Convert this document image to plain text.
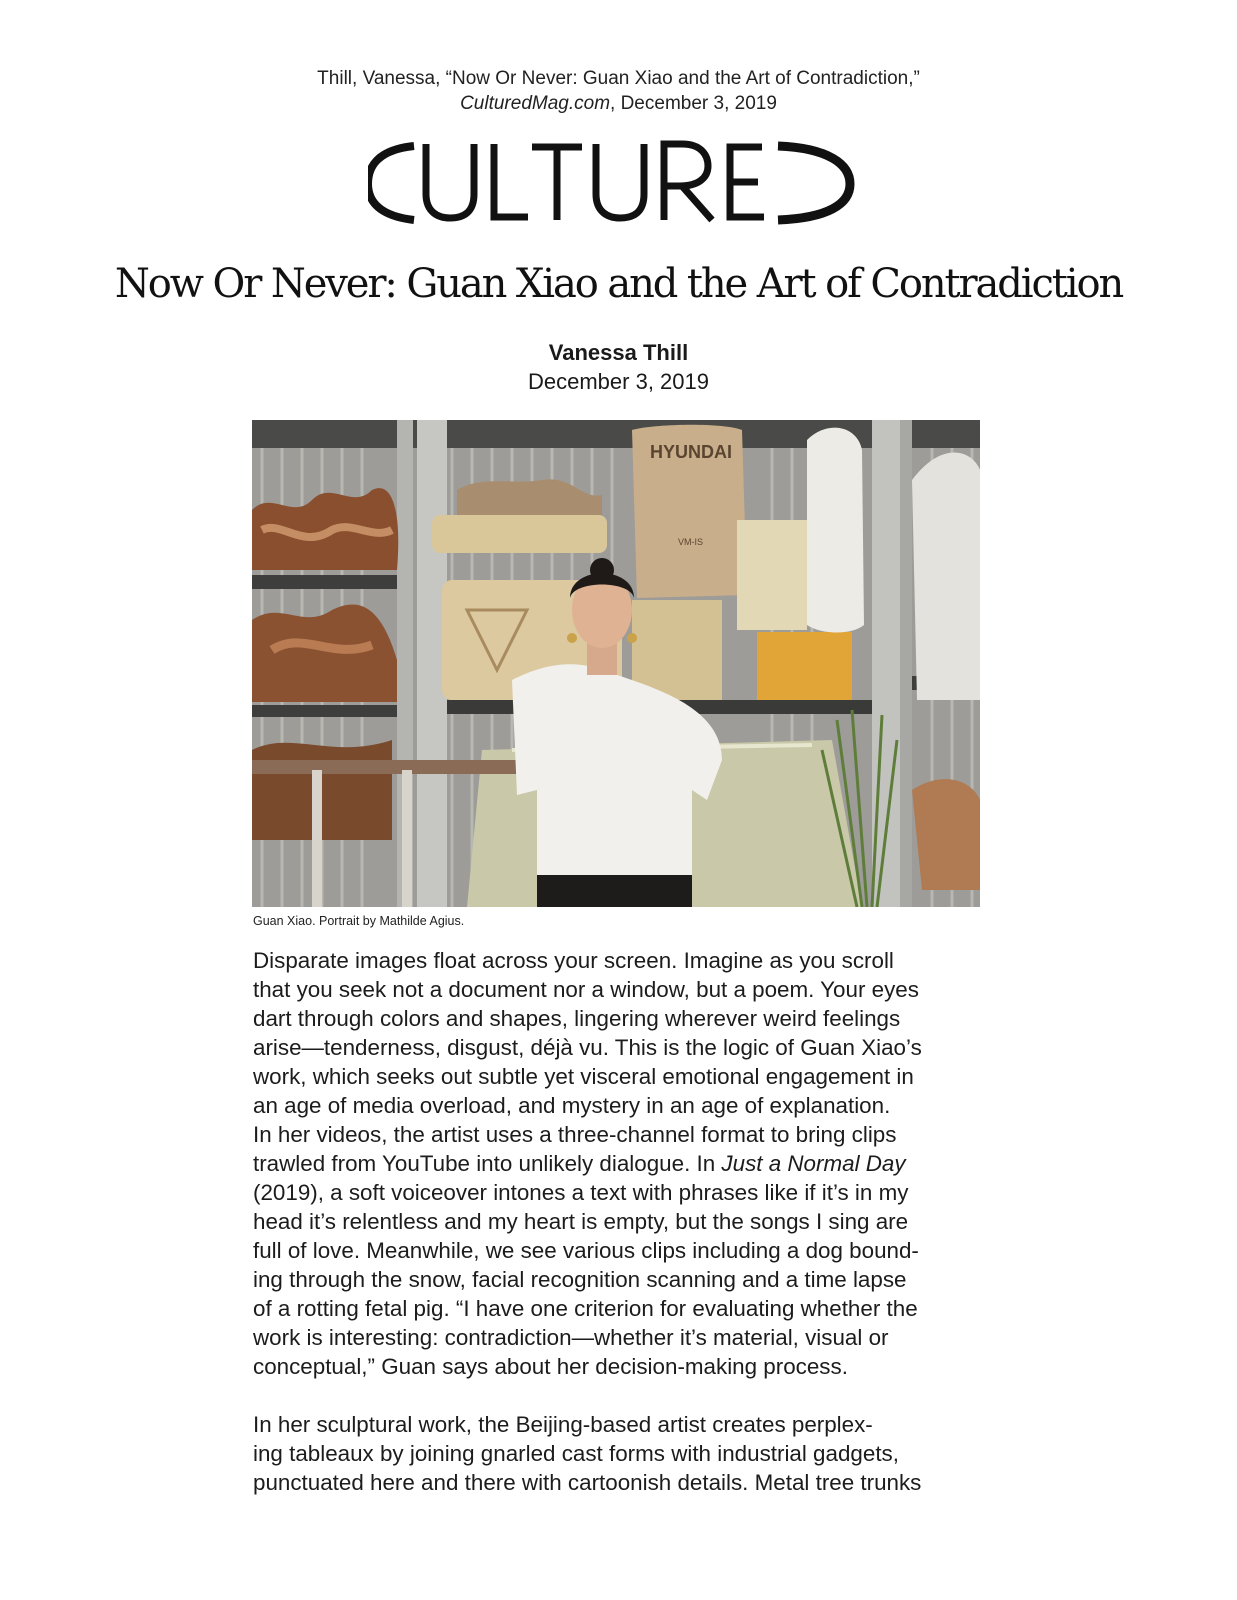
Thill, Vanessa, “Now Or Never: Guan Xiao and the Art of Contradiction,”
CulturedMag.com, December 3, 2019
Now Or Never: Guan Xiao and the Art of Contradiction
Vanessa Thill
December 3, 2019
HYUNDAI
VM-IS
Guan Xiao. Portrait by Mathilde Agius.

Disparate images float across your screen. Imagine as you scroll

that you seek not a document nor a window, but a poem. Your eyes

dart through colors and shapes, lingering wherever weird feelings

arise—tenderness, disgust, déjà vu. This is the logic of Guan Xiao’s

work, which seeks out subtle yet visceral emotional engagement in

an age of media overload, and mystery in an age of explanation.

In her videos, the artist uses a three-channel format to bring clips

trawled from YouTube into unlikely dialogue. In Just a Normal Day

(2019), a soft voiceover intones a text with phrases like if it’s in my

head it’s relentless and my heart is empty, but the songs I sing are

full of love. Meanwhile, we see various clips including a dog bound-

ing through the snow, facial recognition scanning and a time lapse

of a rotting fetal pig. “I have one criterion for evaluating whether the

work is interesting: contradiction—whether it’s material, visual or

conceptual,” Guan says about her decision-making process.

In her sculptural work, the Beijing-based artist creates perplex-

ing tableaux by joining gnarled cast forms with industrial gadgets,

punctuated here and there with cartoonish details. Metal tree trunks
